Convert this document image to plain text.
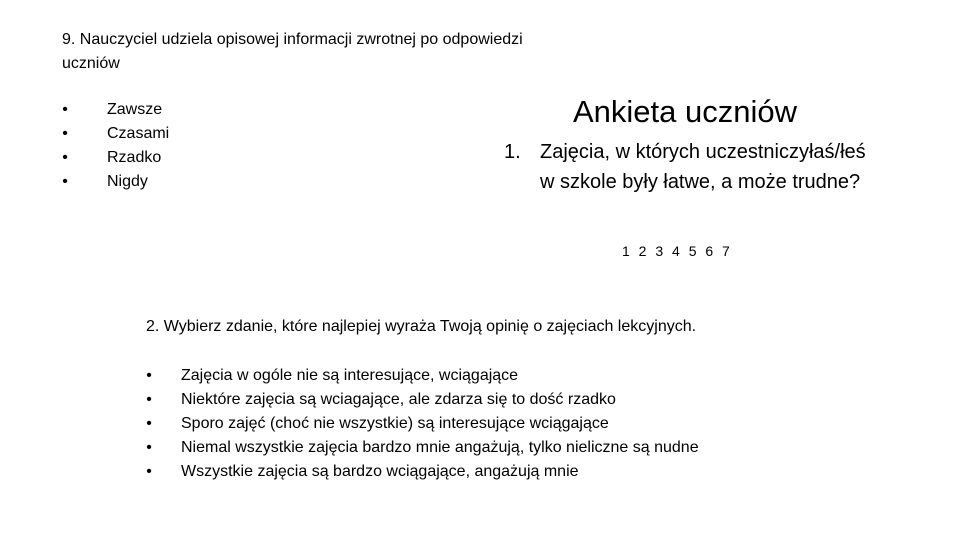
9. Nauczyciel udziela opisowej informacji zwrotnej po odpowiedzi uczniów
• Zawsze
• Czasami
• Rzadko
• Nigdy
Ankieta uczniów
1. Zajęcia, w których uczestniczyłaś/łeś w szkole były łatwe, a może trudne?
1 2 3 4 5 6 7
2. Wybierz zdanie, które najlepiej wyraża Twoją opinię o zajęciach lekcyjnych.
• Zajęcia w ogóle nie są interesujące, wciągające
• Niektóre zajęcia są wciagające, ale zdarza się to dość rzadko
• Sporo zajęć (choć nie wszystkie) są interesujące wciągające
• Niemal wszystkie zajęcia bardzo mnie angażują, tylko nieliczne są nudne
• Wszystkie zajęcia są bardzo wciągające, angażują mnie
